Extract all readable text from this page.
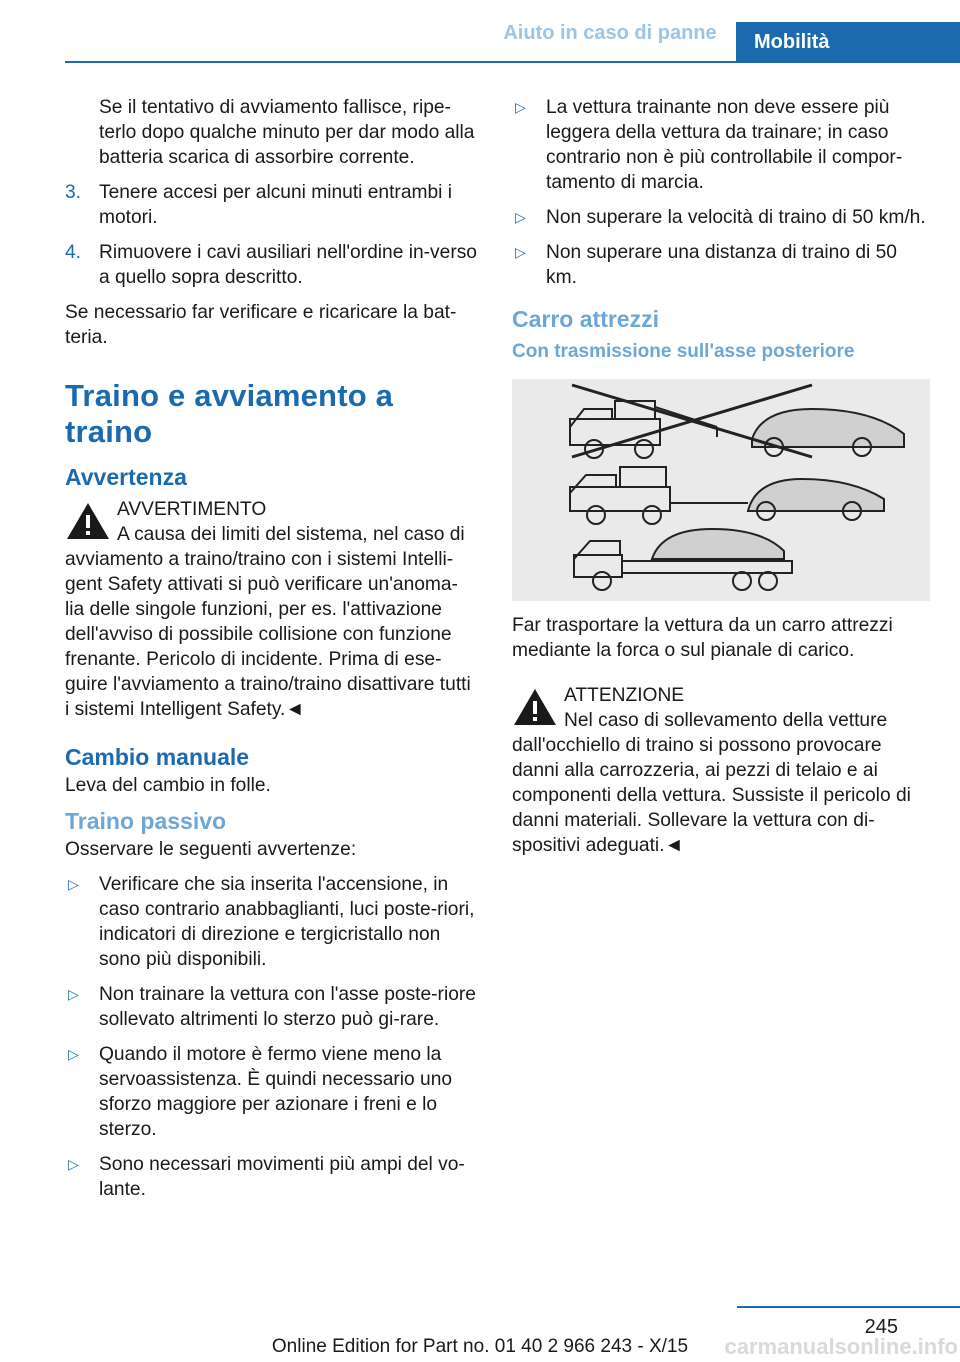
Aiuto in caso di panne	Mobilità

Se il tentativo di avviamento fallisce, ripe-terlo dopo qualche minuto per dar modo alla batteria scarica di assorbire corrente.

3. Tenere accesi per alcuni minuti entrambi i motori.
4. Rimuovere i cavi ausiliari nell'ordine in-verso a quello sopra descritto.

Se necessario far verificare e ricaricare la bat-teria.

Traino e avviamento a traino
Avvertenza
AVVERTIMENTO
A causa dei limiti del sistema, nel caso di
avviamento a traino/traino con i sistemi Intelli-gent Safety attivati si può verificare un'anoma-lia delle singole funzioni, per es. l'attivazione dell'avviso di possibile collisione con funzione frenante. Pericolo di incidente. Prima di ese-guire l'avviamento a traino/traino disattivare tutti i sistemi Intelligent Safety.◄
Cambio manuale

Leva del cambio in folle.

Traino passivo

Osservare le seguenti avvertenze:

▷ Verificare che sia inserita l'accensione, in caso contrario anabbaglianti, luci poste-riori, indicatori di direzione e tergicristallo non sono più disponibili.
▷ Non trainare la vettura con l'asse poste-riore sollevato altrimenti lo sterzo può gi-rare.
▷ Quando il motore è fermo viene meno la servoassistenza. È quindi necessario uno sforzo maggiore per azionare i freni e lo sterzo.
▷ Sono necessari movimenti più ampi del vo-lante.
▷ La vettura trainante non deve essere più leggera della vettura da trainare; in caso contrario non è più controllabile il compor-tamento di marcia.
▷ Non superare la velocità di traino di 50 km/h.
▷ Non superare una distanza di traino di 50 km.
Carro attrezzi
Con trasmissione sull'asse posteriore

Far trasportare la vettura da un carro attrezzi mediante la forca o sul pianale di carico.

ATTENZIONE
Nel caso di sollevamento della vetture
dall'occhiello di traino si possono provocare danni alla carrozzeria, ai pezzi di telaio e ai componenti della vettura. Sussiste il pericolo di danni materiali. Sollevare la vettura con di-spositivi adeguati.◄
245
Online Edition for Part no. 01 40 2 966 243 - X/15	carmanualsonline.info
